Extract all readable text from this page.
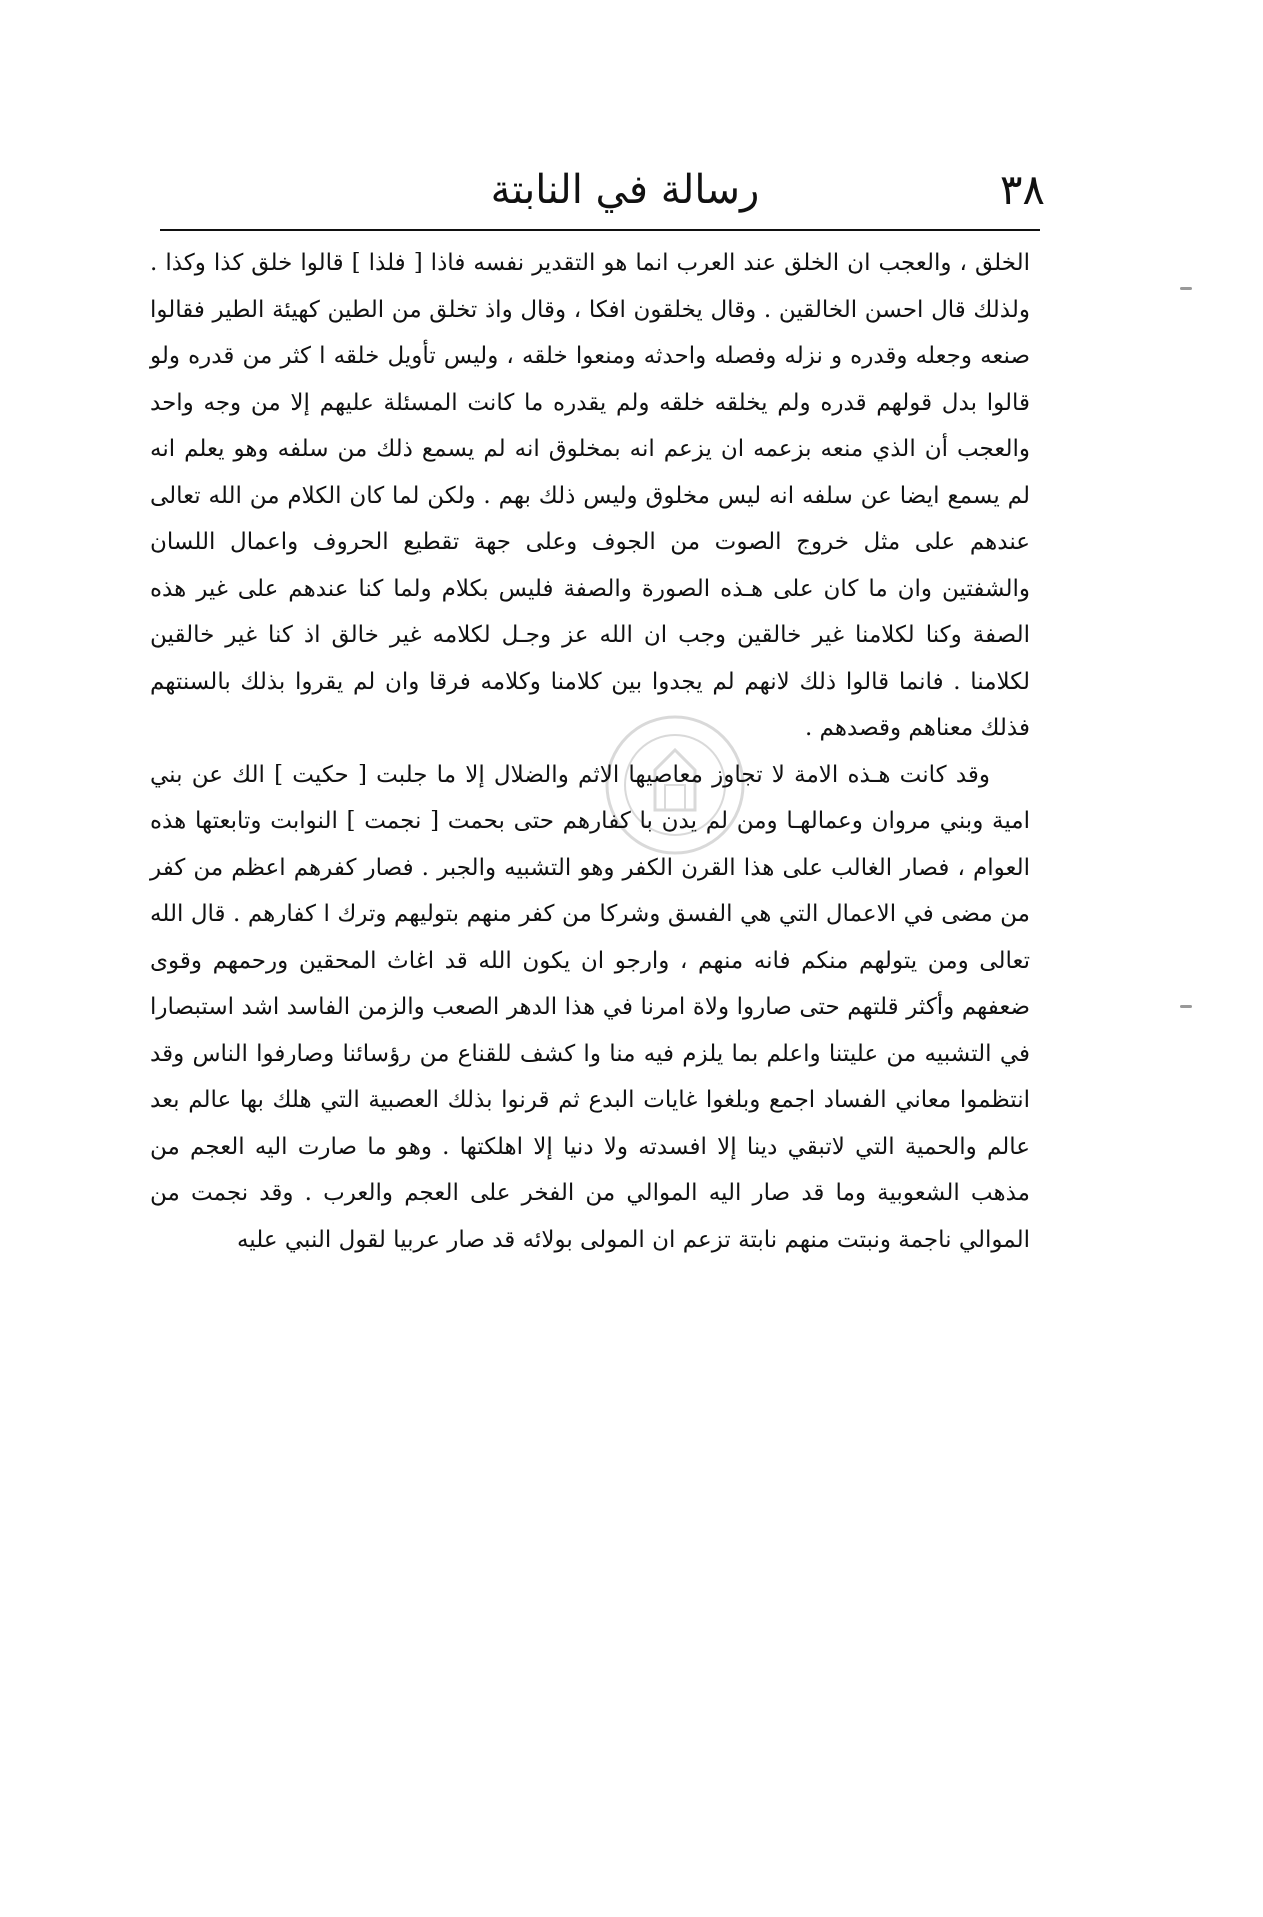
٣٨
رسالة في النابتة

الخلق ، والعجب ان الخلق عند العرب انما هو التقدير نفسه فاذا [ فلذا ] قالوا خلق كذا وكذا . ولذلك قال احسن الخالقين . وقال يخلقون افكا ، وقال واذ تخلق من الطين كهيئة الطير فقالوا صنعه وجعله وقدره و نزله وفصله واحدثه ومنعوا خلقه ، وليس تأويل خلقه ا كثر من قدره ولو قالوا بدل قولهم قدره ولم يخلقه خلقه ولم يقدره ما كانت المسئلة عليهم إلا من وجه واحد والعجب أن الذي منعه بزعمه ان يزعم انه بمخلوق انه لم يسمع ذلك من سلفه وهو يعلم انه لم يسمع ايضا عن سلفه انه ليس مخلوق وليس ذلك بهم . ولكن لما كان الكلام من الله تعالى عندهم على مثل خروج الصوت من الجوف وعلى جهة تقطيع الحروف واعمال اللسان والشفتين وان ما كان على هـذه الصورة والصفة فليس بكلام ولما كنا عندهم على غير هذه الصفة وكنا لكلامنا غير خالقين وجب ان الله عز وجـل لكلامه غير خالق اذ كنا غير خالقين لكلامنا . فانما قالوا ذلك لانهم لم يجدوا بين كلامنا وكلامه فرقا وان لم يقروا بذلك بالسنتهم فذلك معناهم وقصدهم .

وقد كانت هـذه الامة لا تجاوز معاصيها الاثم والضلال إلا ما جلبت [ حكيت ] الك عن بني امية وبني مروان وعمالهـا ومن لم يدن با كفارهم حتى بحمت [ نجمت ] النوابت وتابعتها هذه العوام ، فصار الغالب على هذا القرن الكفر وهو التشبيه والجبر . فصار كفرهم اعظم من كفر من مضى في الاعمال التي هي الفسق وشركا من كفر منهم بتوليهم وترك ا كفارهم . قال الله تعالى ومن يتولهم منكم فانه منهم ، وارجو ان يكون الله قد اغاث المحقين ورحمهم وقوى ضعفهم وأكثر قلتهم حتى صاروا ولاة امرنا في هذا الدهر الصعب والزمن الفاسد اشد استبصارا في التشبيه من عليتنا واعلم بما يلزم فيه منا وا كشف للقناع من رؤسائنا وصارفوا الناس وقد انتظموا معاني الفساد اجمع وبلغوا غايات البدع ثم قرنوا بذلك العصبية التي هلك بها عالم بعد عالم والحمية التي لاتبقي دينا إلا افسدته ولا دنيا إلا اهلكتها . وهو ما صارت اليه العجم من مذهب الشعوبية وما قد صار اليه الموالي من الفخر على العجم والعرب . وقد نجمت من الموالي ناجمة ونبتت منهم نابتة تزعم ان المولى بولائه قد صار عربيا لقول النبي عليه
